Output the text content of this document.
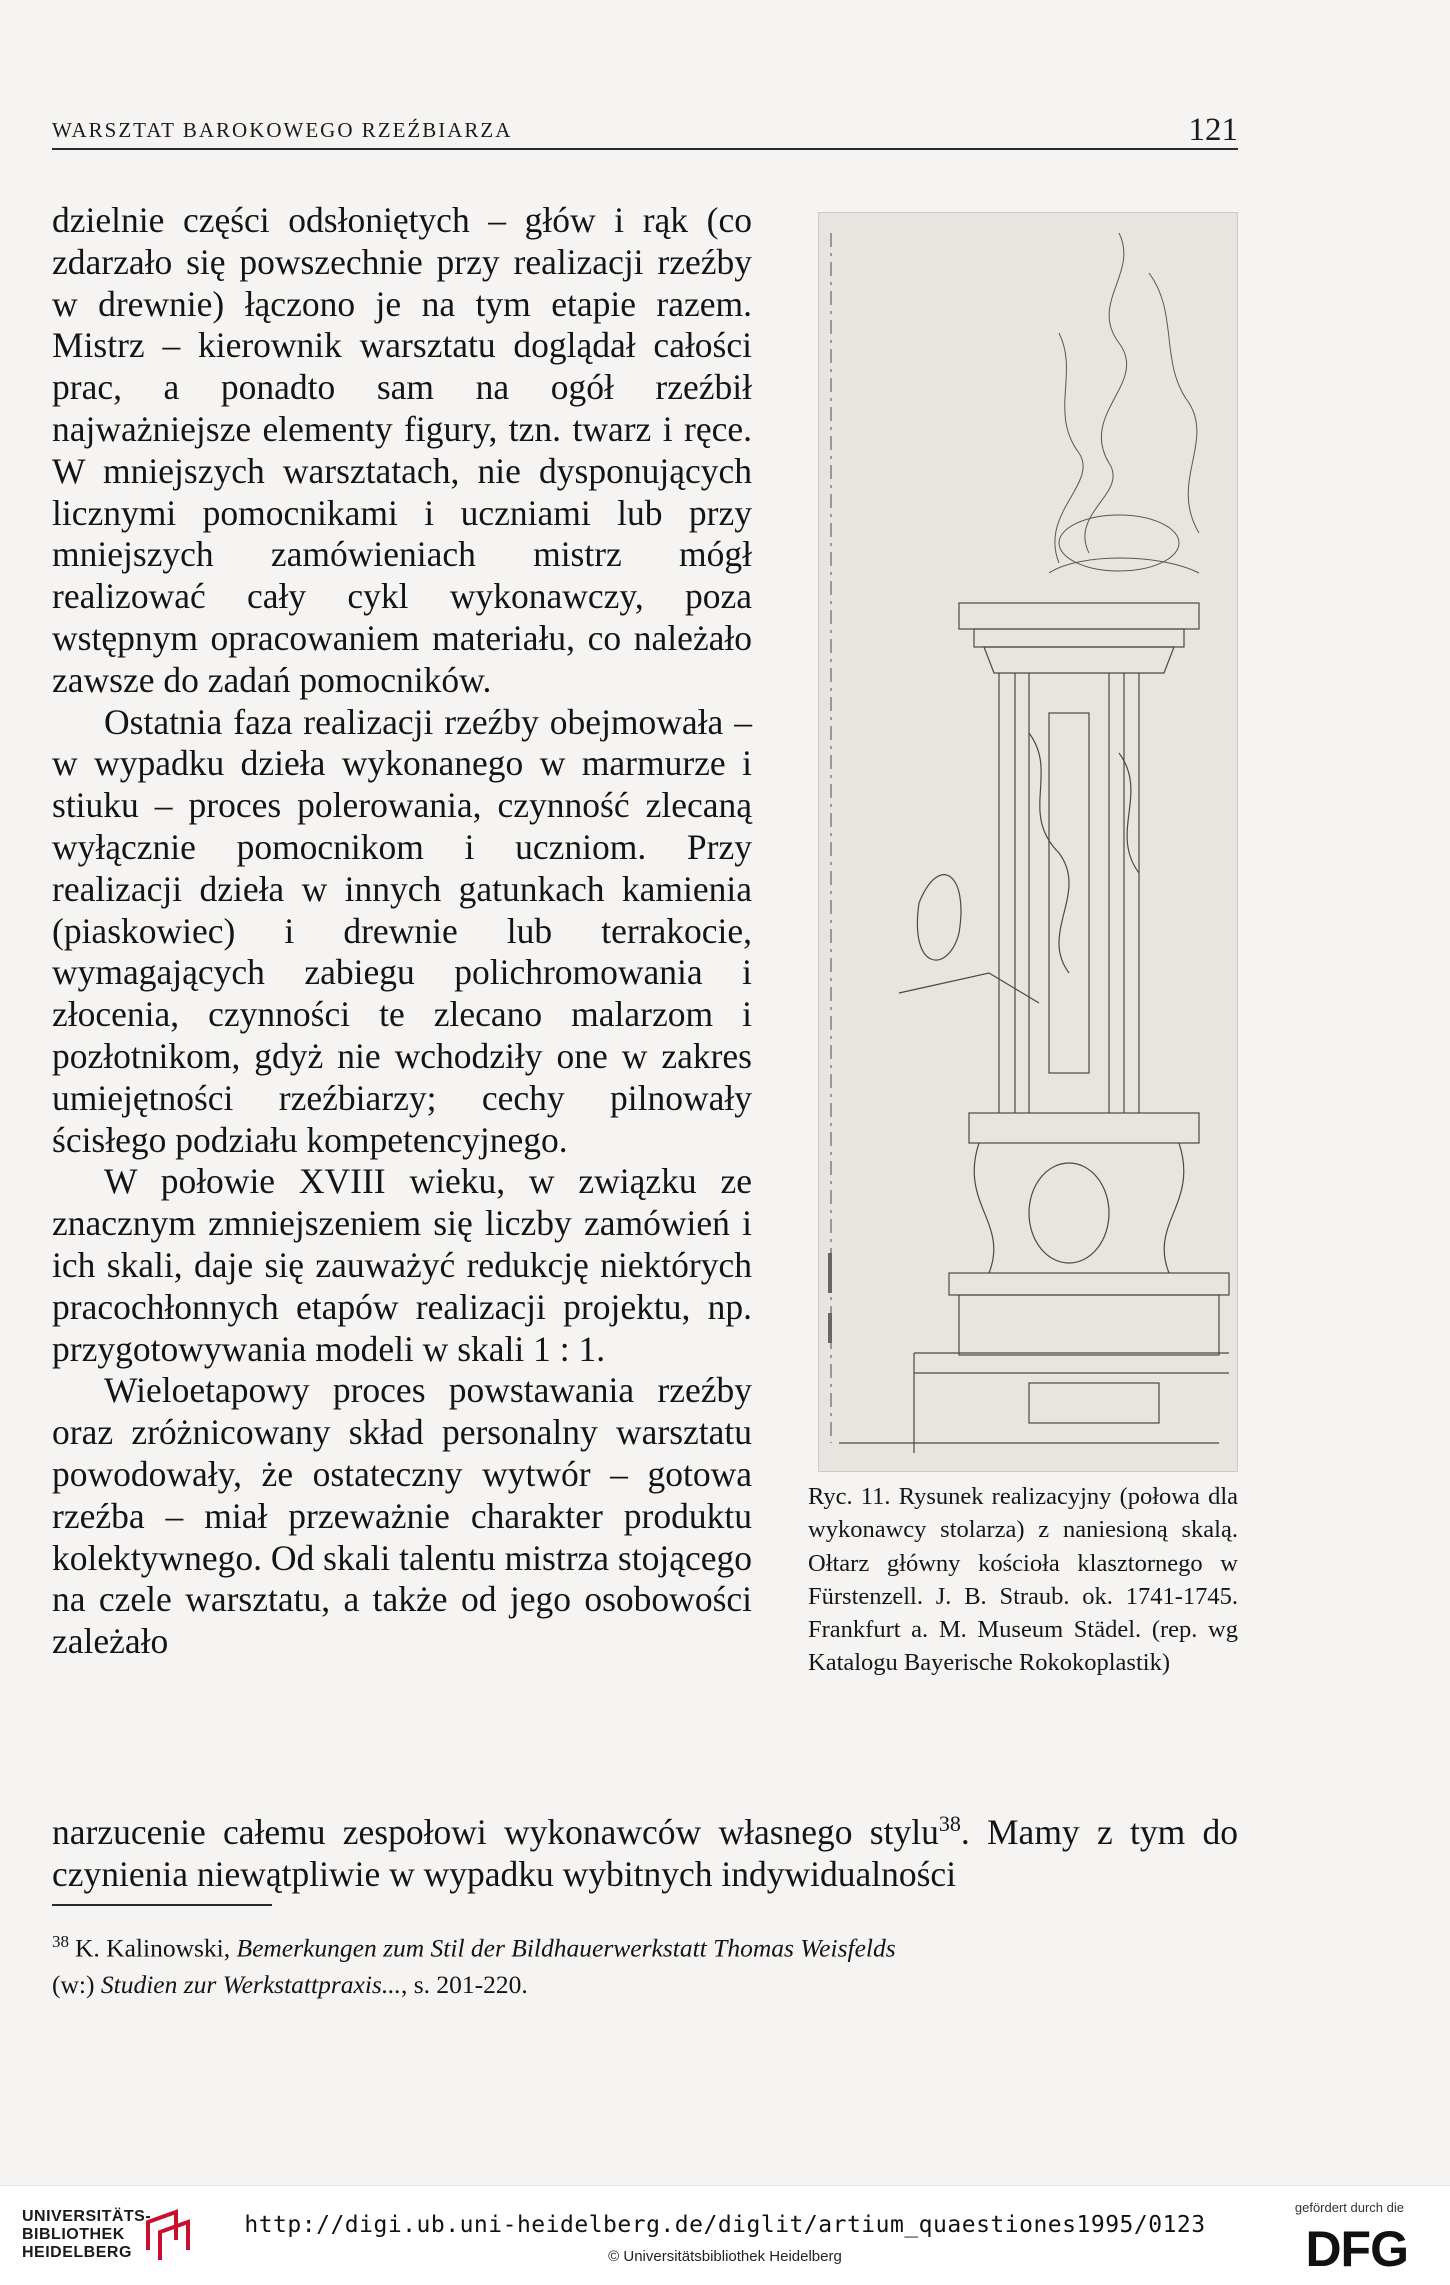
WARSZTAT BAROKOWEGO RZEŹBIARZA	121

dzielnie części odsłoniętych – głów i rąk (co zdarzało się powszechnie przy realizacji rzeźby w drewnie) łączono je na tym etapie razem. Mistrz – kierownik warsztatu doglądał całości prac, a ponadto sam na ogół rzeźbił najważniejsze elementy figury, tzn. twarz i ręce. W mniejszych warsztatach, nie dysponujących licznymi pomocnikami i uczniami lub przy mniejszych zamówieniach mistrz mógł realizować cały cykl wykonawczy, poza wstępnym opracowaniem materiału, co należało zawsze do zadań pomocników.

Ostatnia faza realizacji rzeźby obejmowała – w wypadku dzieła wykonanego w marmurze i stiuku – proces polerowania, czynność zlecaną wyłącznie pomocnikom i uczniom. Przy realizacji dzieła w innych gatunkach kamienia (piaskowiec) i drewnie lub terrakocie, wymagających zabiegu polichromowania i złocenia, czynności te zlecano malarzom i pozłotnikom, gdyż nie wchodziły one w zakres umiejętności rzeźbiarzy; cechy pilnowały ścisłego podziału kompetencyjnego.

W połowie XVIII wieku, w związku ze znacznym zmniejszeniem się liczby zamówień i ich skali, daje się zauważyć redukcję niektórych pracochłonnych etapów realizacji projektu, np. przygotowywania modeli w skali 1 : 1.

Wieloetapowy proces powstawania rzeźby oraz zróżnicowany skład personalny warsztatu powodowały, że ostateczny wytwór – gotowa rzeźba – miał przeważnie charakter produktu kolektywnego. Od skali talentu mistrza stojącego na czele warsztatu, a także od jego osobowości zależało

Ryc. 11. Rysunek realizacyjny (połowa dla wykonawcy stolarza) z naniesioną skalą. Ołtarz główny kościoła klasztornego w Fürstenzell. J. B. Straub. ok. 1741-1745. Frankfurt a. M. Museum Städel. (rep. wg Katalogu Bayerische Rokokoplastik)

narzucenie całemu zespołowi wykonawców własnego stylu$^{38}$. Mamy z tym do czynienia niewątpliwie w wypadku wybitnych indywidualności

$^{38}$ K. Kalinowski, Bemerkungen zum Stil der Bildhauerwerkstatt Thomas Weisfelds
(w:) Studien zur Werkstattpraxis..., s. 201-220.
UNIVERSITÄTS-
BIBLIOTHEK
HEIDELBERG
http://digi.ub.uni-heidelberg.de/diglit/artium_quaestiones1995/0123
© Universitätsbibliothek Heidelberg
gefördert durch die
DFG
